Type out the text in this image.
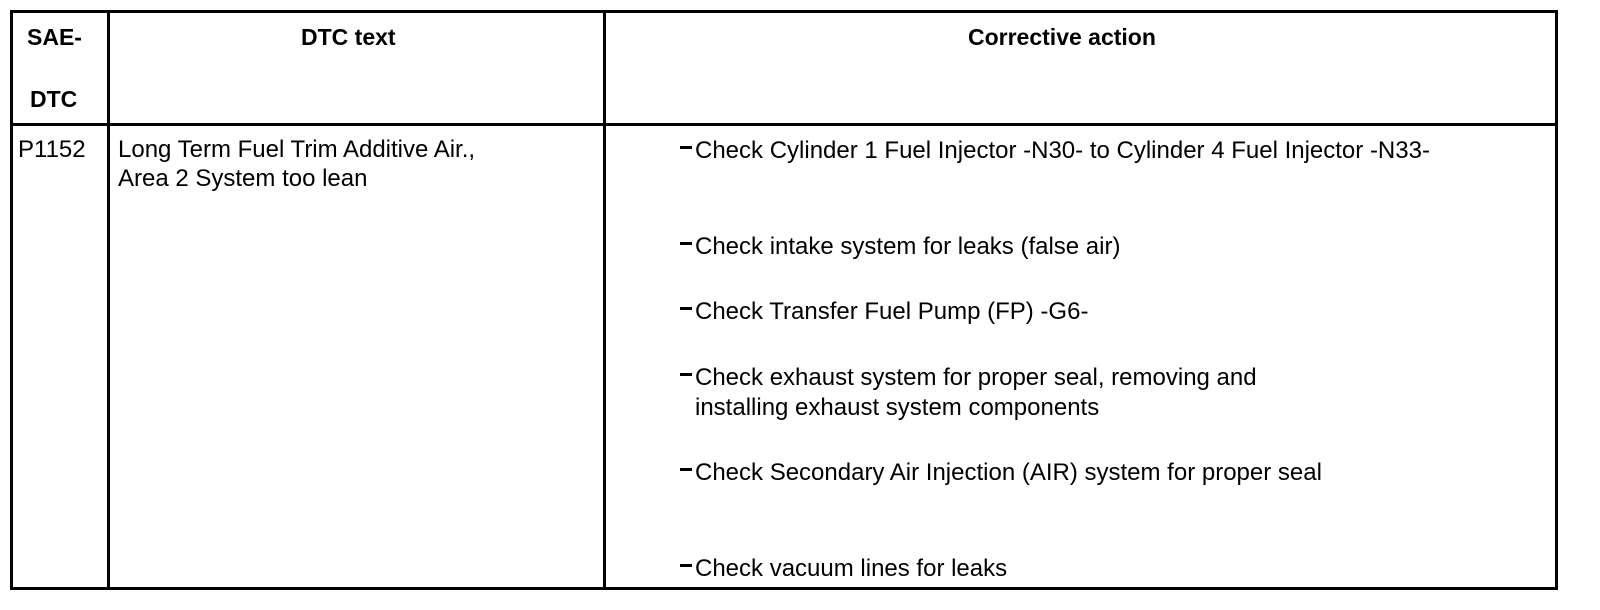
SAE-
DTC
DTC text	Corrective action
P1152 Long Term Fuel Trim Additive Air.,
Area 2 System too lean
Check Cylinder 1 Fuel Injector -N30- to Cylinder 4 Fuel Injector -N33-
Check intake system for leaks (false air)
Check Transfer Fuel Pump (FP) -G6-
Check exhaust system for proper seal, removing and
installing exhaust system components
Check Secondary Air Injection (AIR) system for proper seal
Check vacuum lines for leaks
